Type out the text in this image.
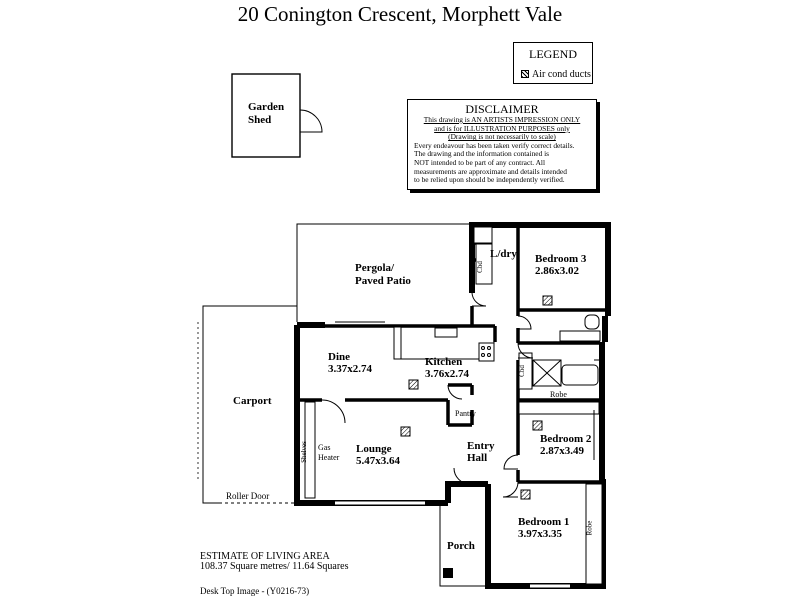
20 Conington Crescent, Morphett Vale
LEGEND
Air cond ducts
DISCLAIMER
This drawing is AN ARTISTS IMPRESSION ONLY
and is for ILLUSTRATION PURPOSES only
(Drawing is not necessarily to scale)
Every endeavour has been taken verify correct details.
The drawing and the information contained is
NOT intended to be part of any contract. All
measurements are approximate and details intended
to be relied upon should be independently verified.
Garden
Shed
Pergola/
Paved Patio
L/dry Bedroom 3
2.86x3.02
Dine
3.37x2.74
Kitchen
3.76x2.74
Carport
Pantry
Lounge
5.47x3.64
Entry
Hall
Bedroom 2
2.87x3.49
Bedroom 1
3.97x3.35
Porch
Cbd
Cbd
Robe
Robe
Shelves Gas
Heater
Roller Door
ESTIMATE OF LIVING AREA
108.37 Square metres/ 11.64 Squares
Desk Top Image - (Y0216-73)
